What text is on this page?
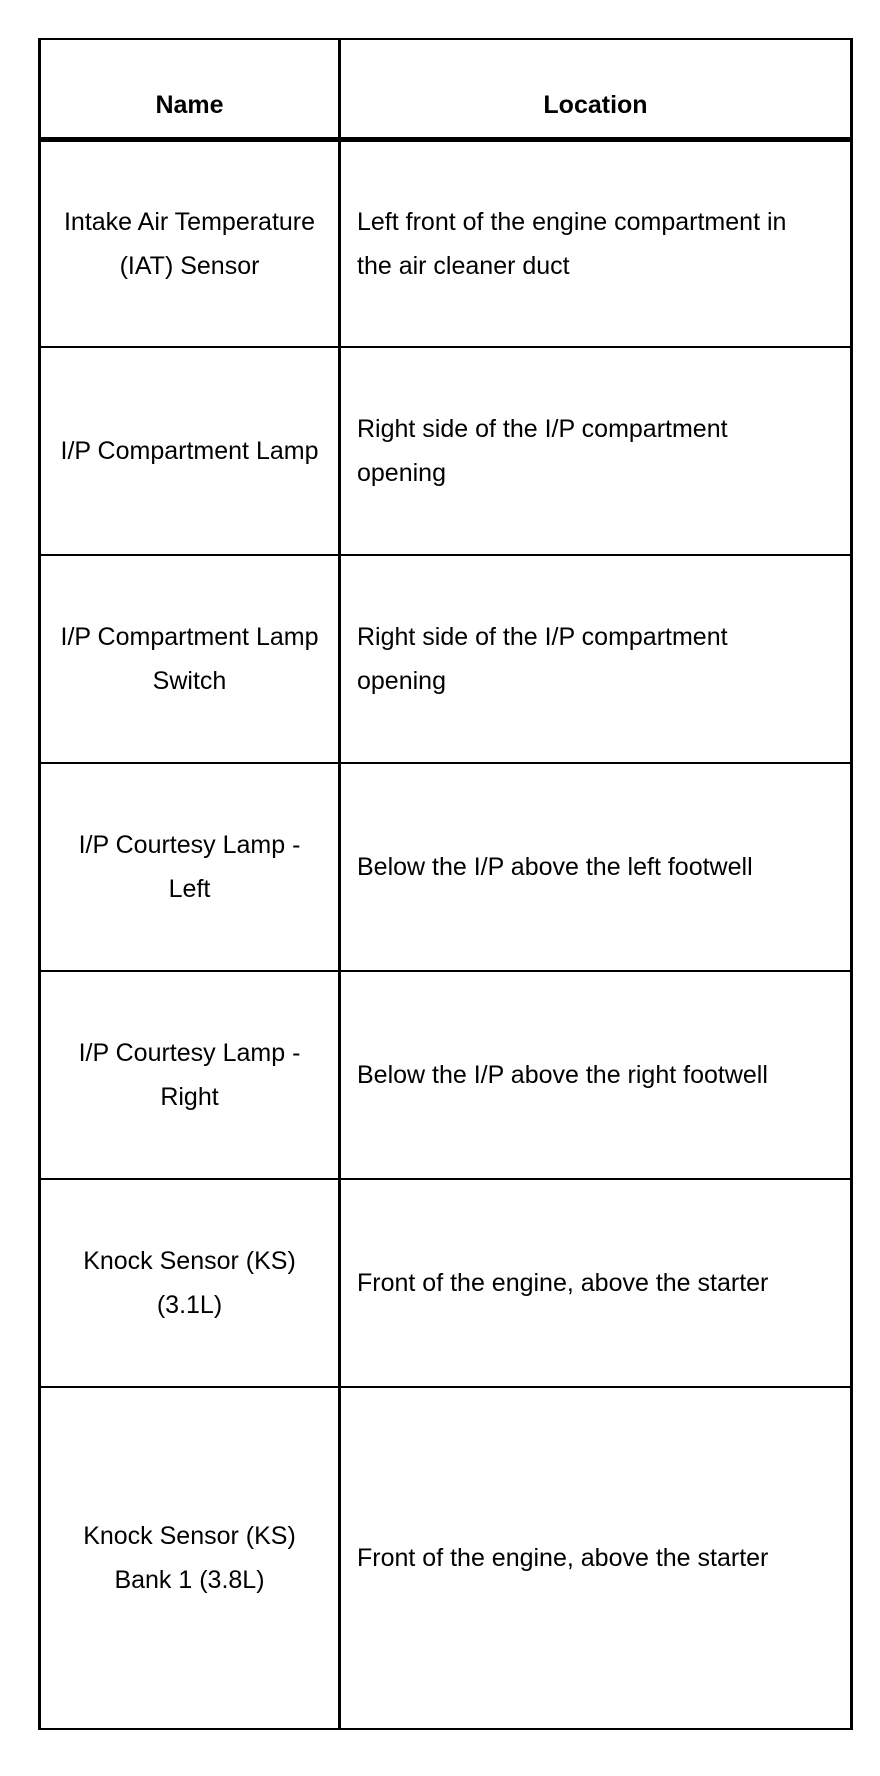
Name	Location
Intake Air Temperature (IAT) Sensor	Left front of the engine compartment in the air cleaner duct
I/P Compartment Lamp	Right side of the I/P compartment opening
I/P Compartment Lamp Switch	Right side of the I/P compartment opening
I/P Courtesy Lamp - Left	Below the I/P above the left footwell
I/P Courtesy Lamp - Right	Below the I/P above the right footwell
Knock Sensor (KS) (3.1L)	Front of the engine, above the starter
Knock Sensor (KS) Bank 1 (3.8L)	Front of the engine, above the starter
